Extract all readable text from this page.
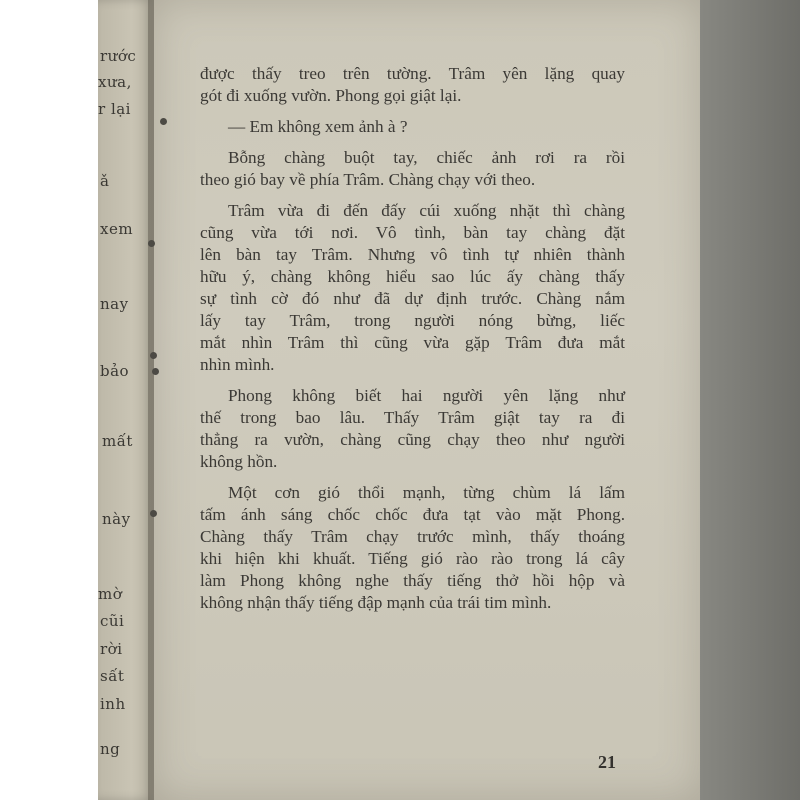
rước
xưa,
r lại
ǎ
xem
nay
bảo
mất
này
mờ
cũi
rời
sất
inh
ng
được thấy treo trên tường. Trâm yên lặng quay
gót đi xuống vườn. Phong gọi giật lại.
— Em không xem ảnh à ?
Bỗng chàng buột tay, chiếc ảnh rơi ra rồi
theo gió bay về phía Trâm. Chàng chạy với theo.
Trâm vừa đi đến đấy cúi xuống nhặt thì chàng
cũng vừa tới nơi. Vô tình, bàn tay chàng đặt
lên bàn tay Trâm. Nhưng vô tình tự nhiên thành
hữu ý, chàng không hiểu sao lúc ấy chàng thấy
sự tình cờ đó như đã dự định trước. Chàng nắm
lấy tay Trâm, trong người nóng bừng, liếc
mắt nhìn Trâm thì cũng vừa gặp Trâm đưa mắt
nhìn mình.
Phong không biết hai người yên lặng như
thế trong bao lâu. Thấy Trâm giật tay ra đi
thẳng ra vườn, chàng cũng chạy theo như người
không hồn.
Một cơn gió thổi mạnh, từng chùm lá lấm
tấm ánh sáng chốc chốc đưa tạt vào mặt Phong.
Chàng thấy Trâm chạy trước mình, thấy thoáng
khi hiện khi khuất. Tiếng gió rào rào trong lá cây
làm Phong không nghe thấy tiếng thở hồi hộp và
không nhận thấy tiếng đập mạnh của trái tim mình.
21
